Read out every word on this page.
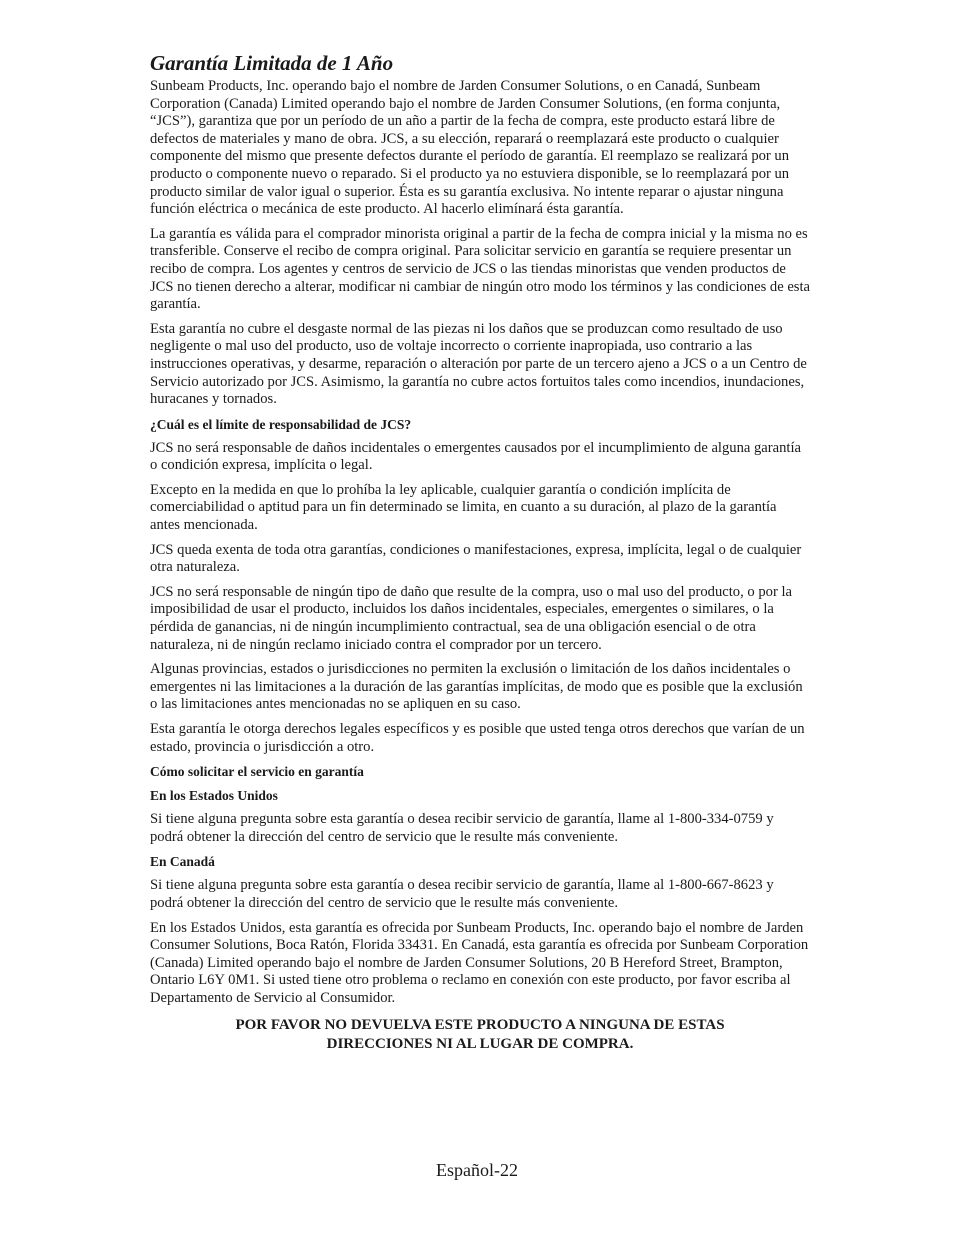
Garantía Limitada de 1 Año

Sunbeam Products, Inc. operando bajo el nombre de Jarden Consumer Solutions, o en Canadá, Sunbeam Corporation (Canada) Limited operando bajo el nombre de Jarden Consumer Solutions, (en forma conjunta, “JCS”), garantiza que por un período de un año a partir de la fecha de compra, este producto estará libre de defectos de materiales y mano de obra. JCS, a su elección, reparará o reemplazará este producto o cualquier componente del mismo que presente defectos durante el período de garantía. El reemplazo se realizará por un producto o componente nuevo o reparado. Si el producto ya no estuviera disponible, se lo reemplazará por un producto similar de valor igual o superior. Ésta es su garantía exclusiva. No intente reparar o ajustar ninguna función eléctrica o mecánica de este producto. Al hacerlo elimínará ésta garantía.

La garantía es válida para el comprador minorista original a partir de la fecha de compra inicial y la misma no es transferible. Conserve el recibo de compra original. Para solicitar servicio en garantía se requiere presentar un recibo de compra. Los agentes y centros de servicio de JCS o las tiendas minoristas que venden productos de JCS no tienen derecho a alterar, modificar ni cambiar de ningún otro modo los términos y las condiciones de esta garantía.

Esta garantía no cubre el desgaste normal de las piezas ni los daños que se produzcan como resultado de uso negligente o mal uso del producto, uso de voltaje incorrecto o corriente inapropiada, uso contrario a las instrucciones operativas, y desarme, reparación o alteración por parte de un tercero ajeno a JCS o a un Centro de Servicio autorizado por JCS. Asimismo, la garantía no cubre actos fortuitos tales como incendios, inundaciones, huracanes y tornados.

¿Cuál es el límite de responsabilidad de JCS?

JCS no será responsable de daños incidentales o emergentes causados por el incumplimiento de alguna garantía o condición expresa, implícita o legal.

Excepto en la medida en que lo prohíba la ley aplicable, cualquier garantía o condición implícita de comerciabilidad o aptitud para un fin determinado se limita, en cuanto a su duración, al plazo de la garantía antes mencionada.

JCS queda exenta de toda otra garantías, condiciones o manifestaciones, expresa, implícita, legal o de cualquier otra naturaleza.

JCS no será responsable de ningún tipo de daño que resulte de la compra, uso o mal uso del producto, o por la imposibilidad de usar el producto, incluidos los daños incidentales, especiales, emergentes o similares, o la pérdida de ganancias, ni de ningún incumplimiento contractual, sea de una obligación esencial o de otra naturaleza, ni de ningún reclamo iniciado contra el comprador por un tercero.

Algunas provincias, estados o jurisdicciones no permiten la exclusión o limitación de los daños incidentales o emergentes ni las limitaciones a la duración de las garantías implícitas, de modo que es posible que la exclusión o las limitaciones antes mencionadas no se apliquen en su caso.

Esta garantía le otorga derechos legales específicos y es posible que usted tenga otros derechos que varían de un estado, provincia o jurisdicción a otro.

Cómo solicitar el servicio en garantía

En los Estados Unidos

Si tiene alguna pregunta sobre esta garantía o desea recibir servicio de garantía, llame al 1-800-334-0759 y podrá obtener la dirección del centro de servicio que le resulte más conveniente.

En Canadá

Si tiene alguna pregunta sobre esta garantía o desea recibir servicio de garantía, llame al 1-800-667-8623 y podrá obtener la dirección del centro de servicio que le resulte más conveniente.

En los Estados Unidos, esta garantía es ofrecida por Sunbeam Products, Inc. operando bajo el nombre de Jarden Consumer Solutions, Boca Ratón, Florida 33431. En Canadá, esta garantía es ofrecida por Sunbeam Corporation (Canada) Limited operando bajo el nombre de Jarden Consumer Solutions, 20 B Hereford Street, Brampton, Ontario L6Y 0M1. Si usted tiene otro problema o reclamo en conexión con este producto, por favor escriba al Departamento de Servicio al Consumidor.

POR FAVOR NO DEVUELVA ESTE PRODUCTO A NINGUNA DE ESTAS
DIRECCIONES NI AL LUGAR DE COMPRA.
Español-22
